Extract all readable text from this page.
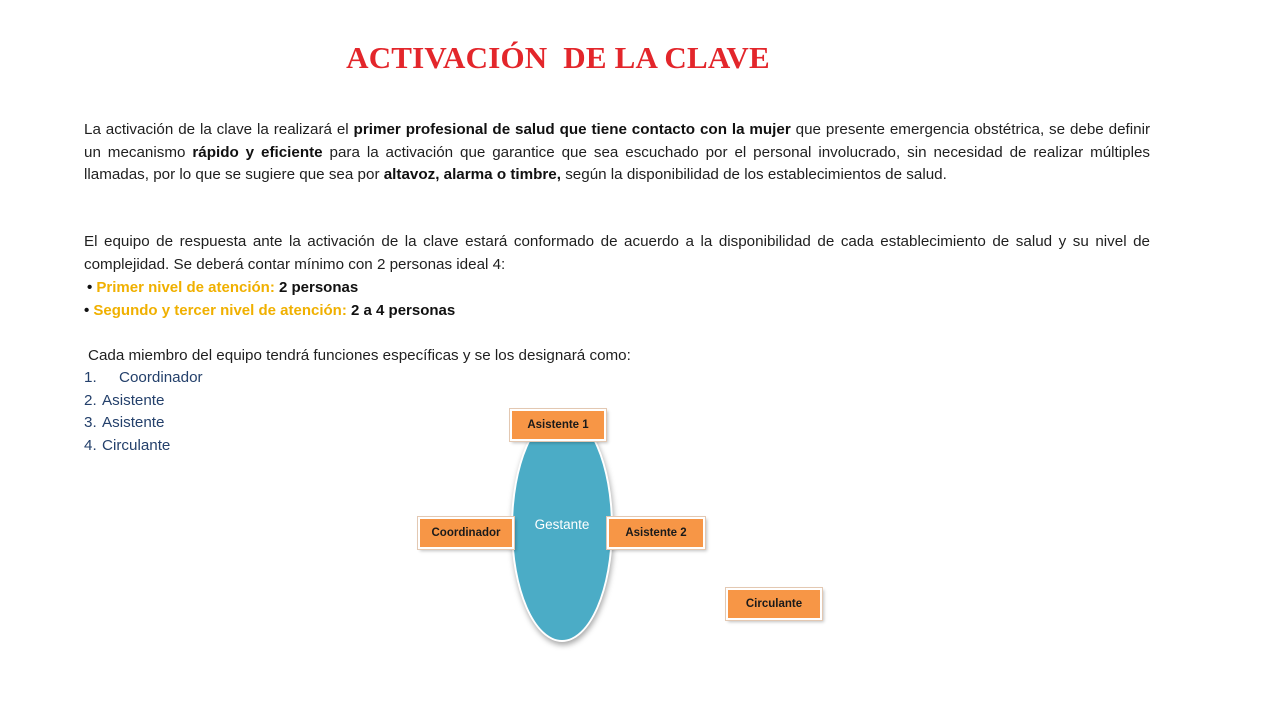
ACTIVACIÓN  DE LA CLAVE
La activación de la clave la realizará el primer profesional de salud que tiene contacto con la mujer que presente emergencia obstétrica, se debe definir un mecanismo rápido y eficiente para la activación que garantice que sea escuchado por el personal involucrado, sin necesidad de realizar múltiples llamadas, por lo que se sugiere que sea por altavoz, alarma o timbre, según la disponibilidad de los establecimientos de salud.
El equipo de respuesta ante la activación de la clave estará conformado de acuerdo a la disponibilidad de cada establecimiento de salud y su nivel de complejidad. Se deberá contar mínimo con 2 personas ideal 4:
• Primer nivel de atención: 2 personas
• Segundo y tercer nivel de atención: 2 a 4 personas
Cada miembro del equipo tendrá funciones específicas y se los designará como:
1. Coordinador
2. Asistente
3. Asistente
4. Circulante
Gestante
Asistente 1
Coordinador	Asistente 2
Circulante
